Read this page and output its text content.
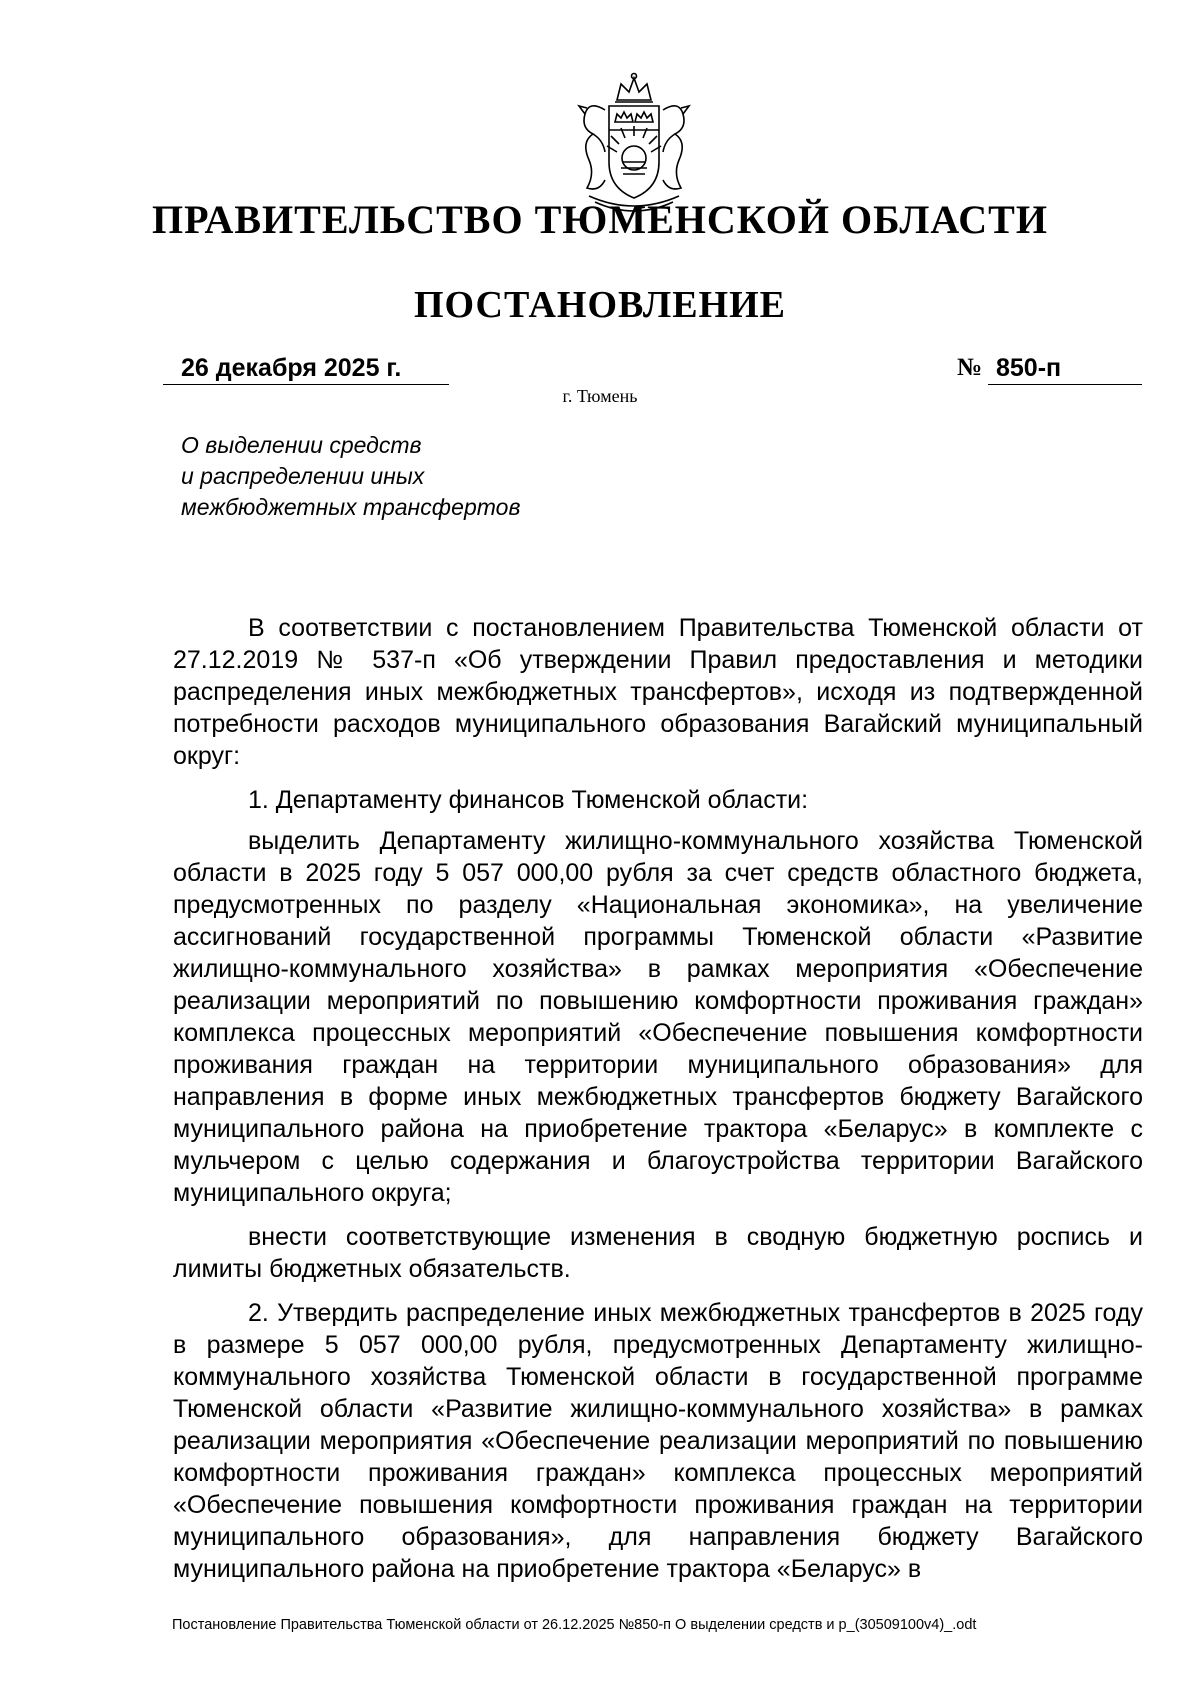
ПРАВИТЕЛЬСТВО ТЮМЕНСКОЙ ОБЛАСТИ
ПОСТАНОВЛЕНИЕ
26 декабря 2025 г.	№ 850-п
г. Тюмень
О выделении средств
и распределении иных
межбюджетных трансфертов

В соответствии с постановлением Правительства Тюменской области от 27.12.2019 № 537-п «Об утверждении Правил предоставления и методики распределения иных межбюджетных трансфертов», исходя из подтвержденной потребности расходов муниципального образования Вагайский муниципальный округ:

1. Департаменту финансов Тюменской области:

выделить Департаменту жилищно-коммунального хозяйства Тюменской области в 2025 году 5 057 000,00 рубля за счет средств областного бюджета, предусмотренных по разделу «Национальная экономика», на увеличение ассигнований государственной программы Тюменской области «Развитие жилищно-коммунального хозяйства» в рамках мероприятия «Обеспечение реализации мероприятий по повышению комфортности проживания граждан» комплекса процессных мероприятий «Обеспечение повышения комфортности проживания граждан на территории муниципального образования» для направления в форме иных межбюджетных трансфертов бюджету Вагайского муниципального района на приобретение трактора «Беларус» в комплекте с мульчером с целью содержания и благоустройства территории Вагайского муниципального округа;

внести соответствующие изменения в сводную бюджетную роспись и лимиты бюджетных обязательств.

2. Утвердить распределение иных межбюджетных трансфертов в 2025 году в размере 5 057 000,00 рубля, предусмотренных Департаменту жилищно-коммунального хозяйства Тюменской области в государственной программе Тюменской области «Развитие жилищно-коммунального хозяйства» в рамках реализации мероприятия «Обеспечение реализации мероприятий по повышению комфортности проживания граждан» комплекса процессных мероприятий «Обеспечение повышения комфортности проживания граждан на территории муниципального образования», для направления бюджету Вагайского муниципального района на приобретение трактора «Беларус» в

Постановление Правительства Тюменской области от 26.12.2025 №850-п О выделении средств и р_(30509100v4)_.odt
